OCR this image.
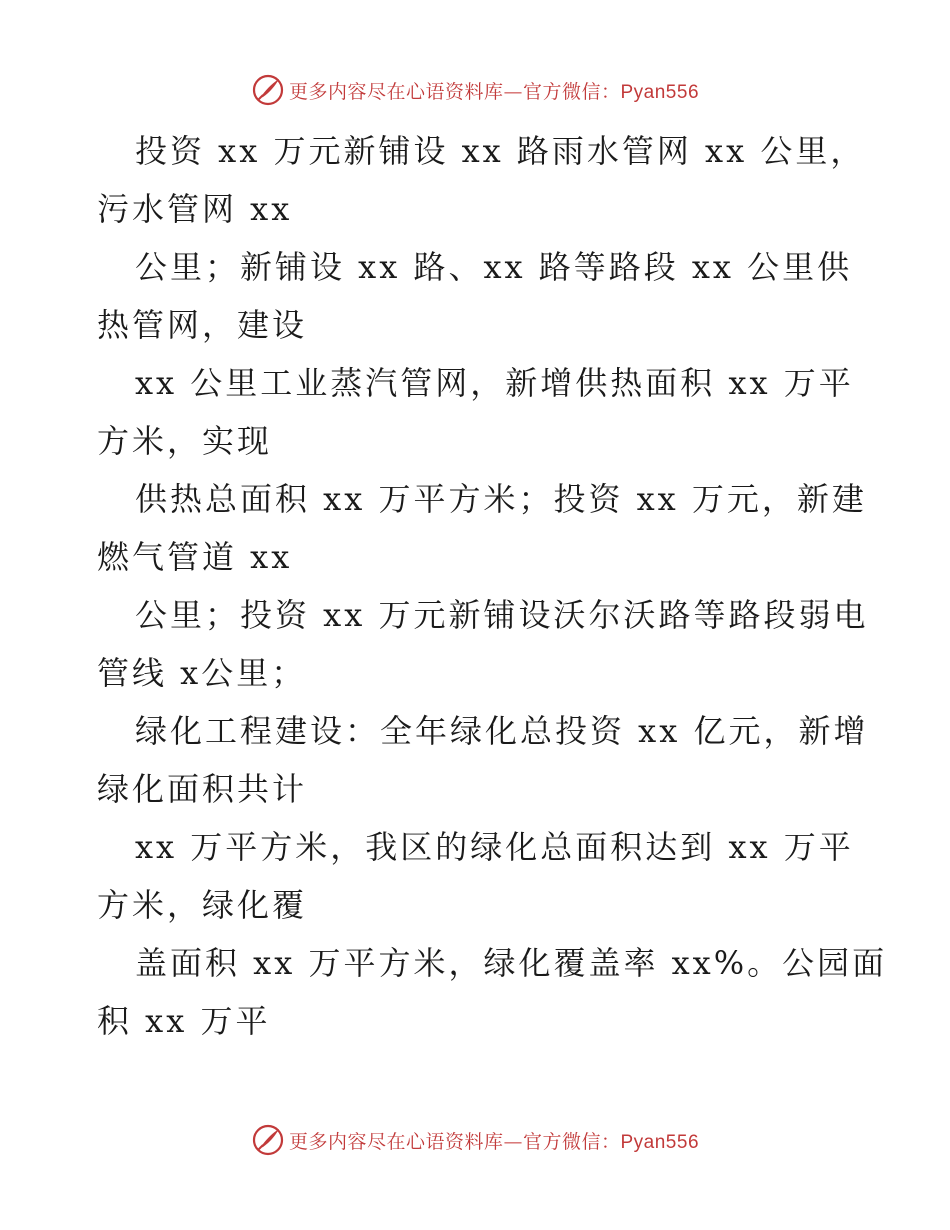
更多内容尽在心语资料库—官方微信：Pyan556

投资 xx 万元新铺设 xx 路雨水管网 xx 公里，

污水管网 xx

公里；新铺设 xx 路、xx 路等路段 xx 公里供

热管网，建设

xx 公里工业蒸汽管网，新增供热面积 xx 万平

方米，实现

供热总面积 xx 万平方米；投资 xx 万元，新建

燃气管道 xx

公里；投资 xx 万元新铺设沃尔沃路等路段弱电

管线 x公里；

绿化工程建设：全年绿化总投资 xx 亿元，新增

绿化面积共计

xx 万平方米，我区的绿化总面积达到 xx 万平

方米，绿化覆

盖面积 xx 万平方米，绿化覆盖率 xx%。公园面

积 xx 万平

更多内容尽在心语资料库—官方微信：Pyan556
